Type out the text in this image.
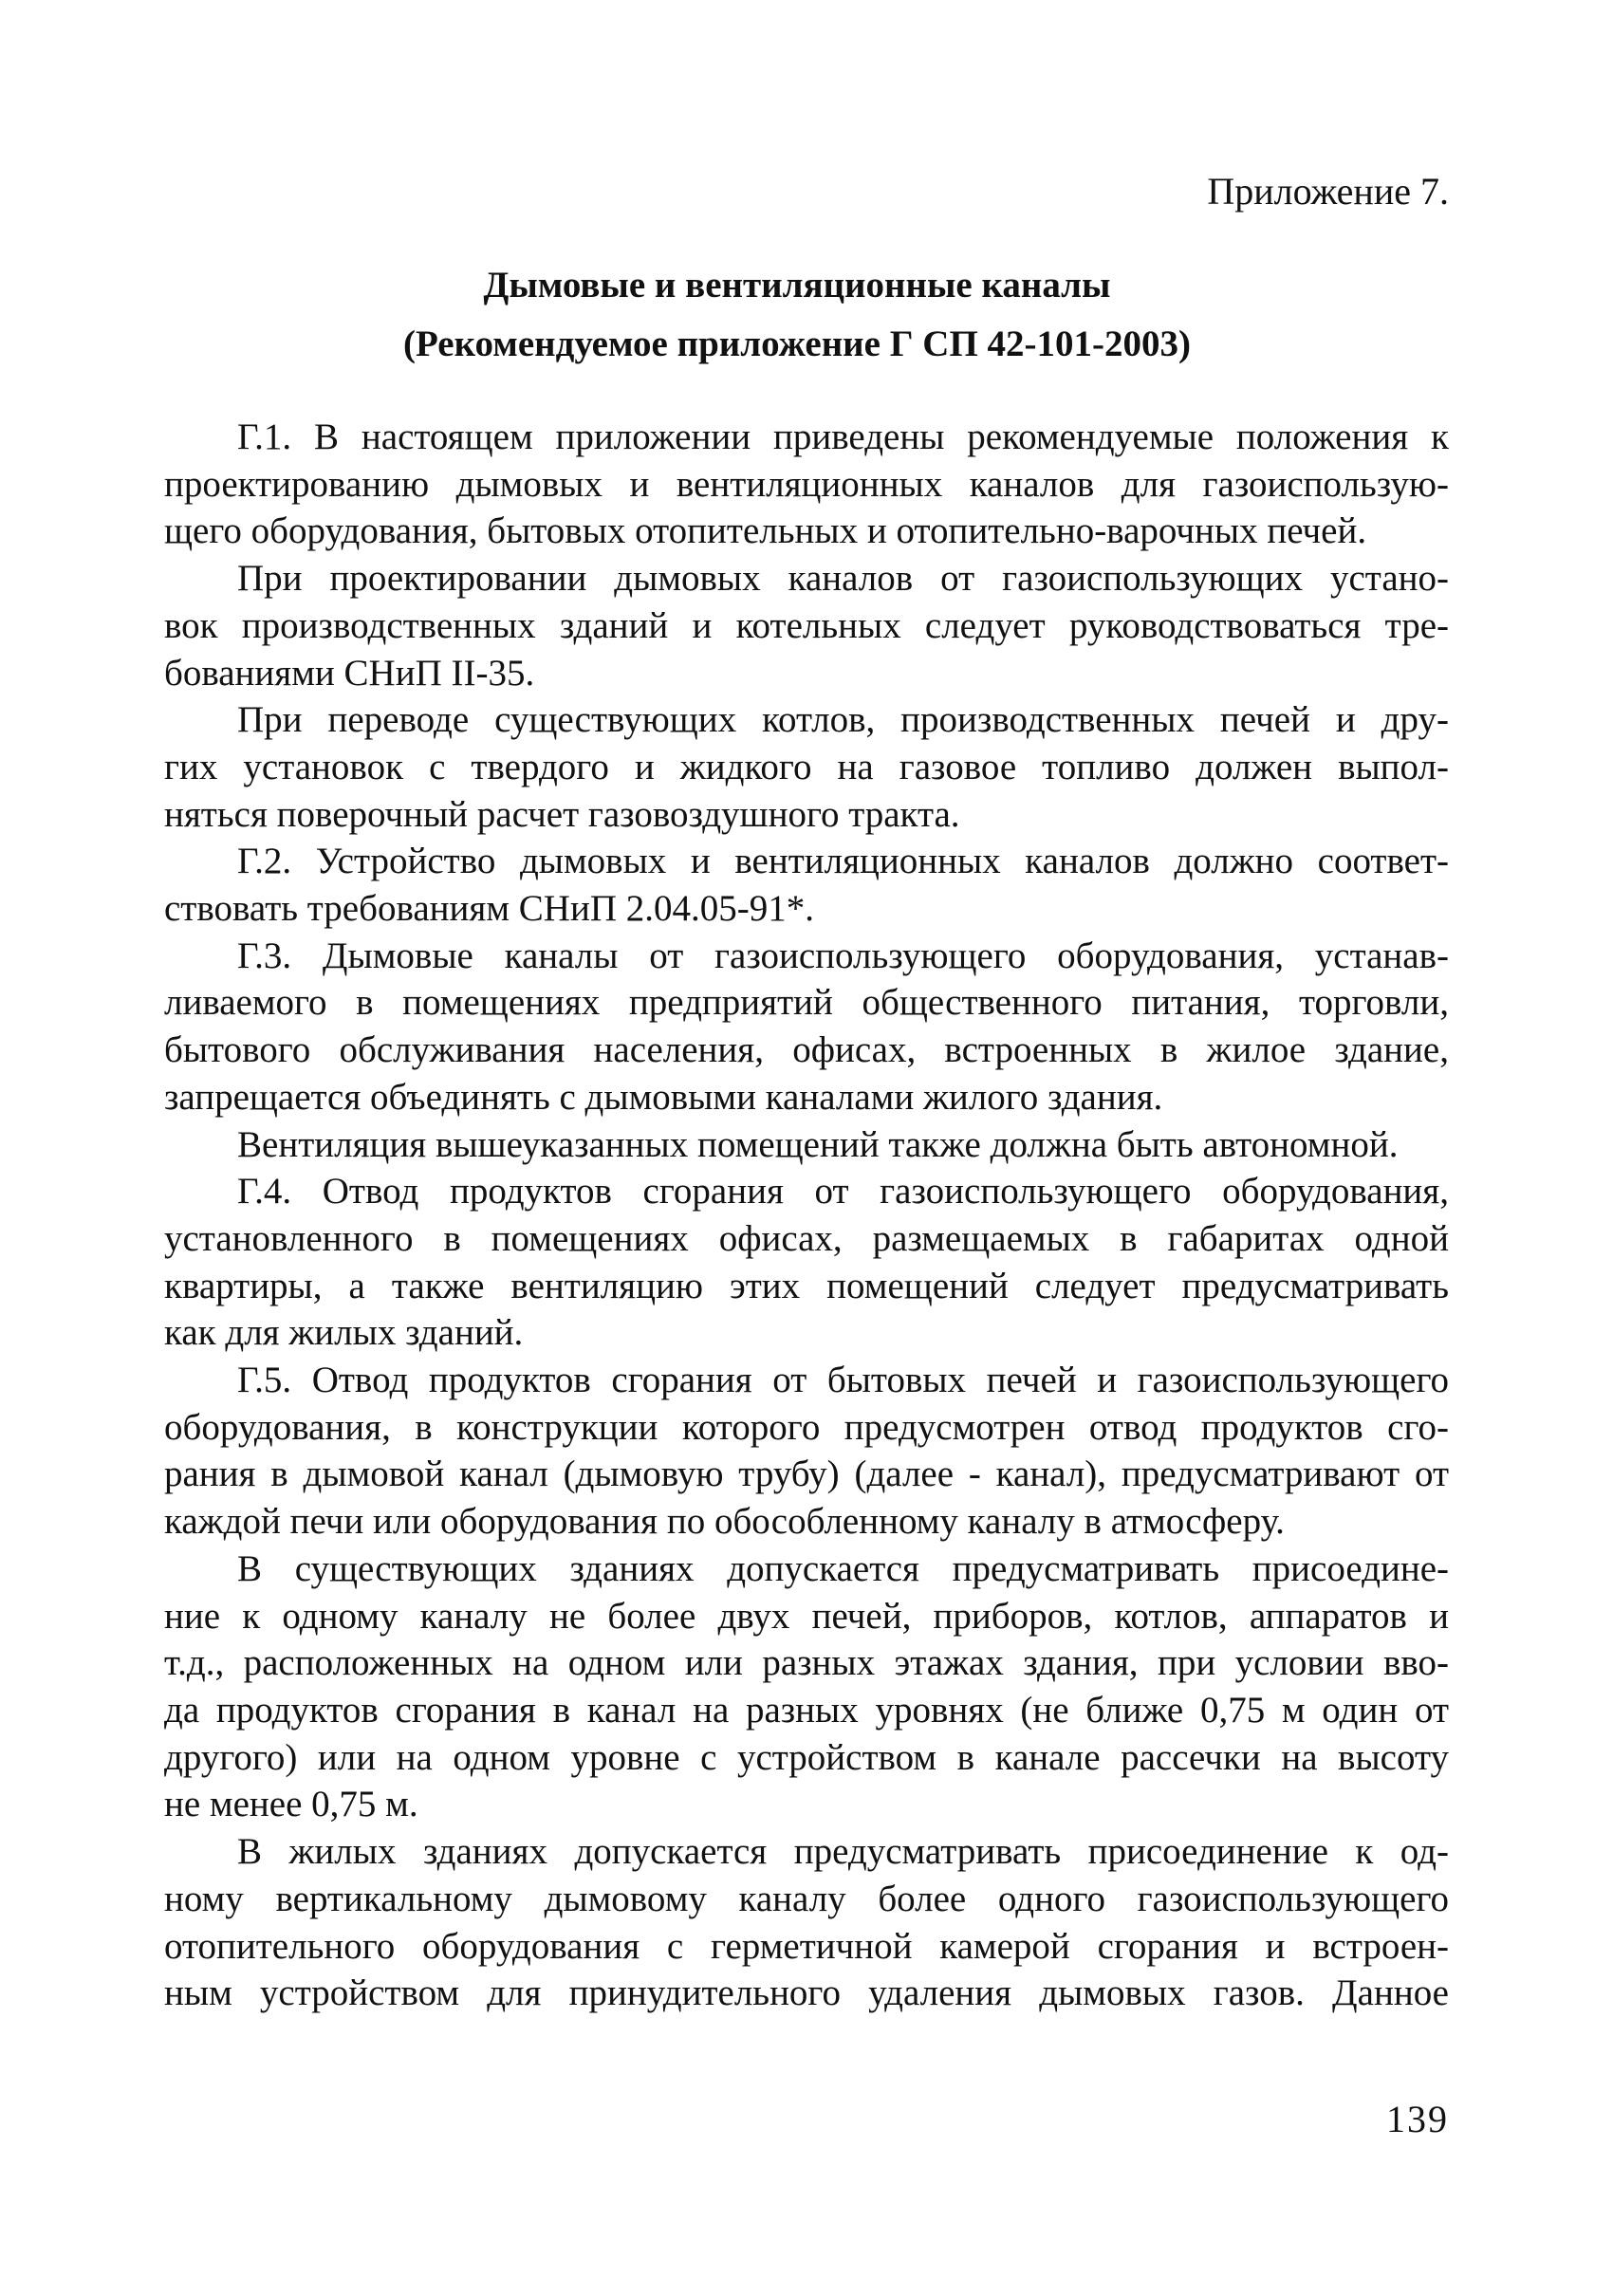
Приложение 7.
Дымовые и вентиляционные каналы
(Рекомендуемое приложение Г СП 42-101-2003)
Г.1. В настоящем приложении приведены рекомендуемые положения к
проектированию дымовых и вентиляционных каналов для газоиспользую-
щего оборудования, бытовых отопительных и отопительно-варочных печей.
При проектировании дымовых каналов от газоиспользующих устано-
вок производственных зданий и котельных следует руководствоваться тре-
бованиями СНиП II-35.
При переводе существующих котлов, производственных печей и дру-
гих установок с твердого и жидкого на газовое топливо должен выпол-
няться поверочный расчет газовоздушного тракта.
Г.2. Устройство дымовых и вентиляционных каналов должно соответ-
ствовать требованиям СНиП 2.04.05-91*.
Г.3. Дымовые каналы от газоиспользующего оборудования, устанав-
ливаемого в помещениях предприятий общественного питания, торговли,
бытового обслуживания населения, офисах, встроенных в жилое здание,
запрещается объединять с дымовыми каналами жилого здания.
Вентиляция вышеуказанных помещений также должна быть автономной.
Г.4. Отвод продуктов сгорания от газоиспользующего оборудования,
установленного в помещениях офисах, размещаемых в габаритах одной
квартиры, а также вентиляцию этих помещений следует предусматривать
как для жилых зданий.
Г.5. Отвод продуктов сгорания от бытовых печей и газоиспользующего
оборудования, в конструкции которого предусмотрен отвод продуктов сго-
рания в дымовой канал (дымовую трубу) (далее - канал), предусматривают от
каждой печи или оборудования по обособленному каналу в атмосферу.
В существующих зданиях допускается предусматривать присоедине-
ние к одному каналу не более двух печей, приборов, котлов, аппаратов и
т.д., расположенных на одном или разных этажах здания, при условии вво-
да продуктов сгорания в канал на разных уровнях (не ближе 0,75 м один от
другого) или на одном уровне с устройством в канале рассечки на высоту
не менее 0,75 м.
В жилых зданиях допускается предусматривать присоединение к од-
ному вертикальному дымовому каналу более одного газоиспользующего
отопительного оборудования с герметичной камерой сгорания и встроен-
ным устройством для принудительного удаления дымовых газов. Данное
139
